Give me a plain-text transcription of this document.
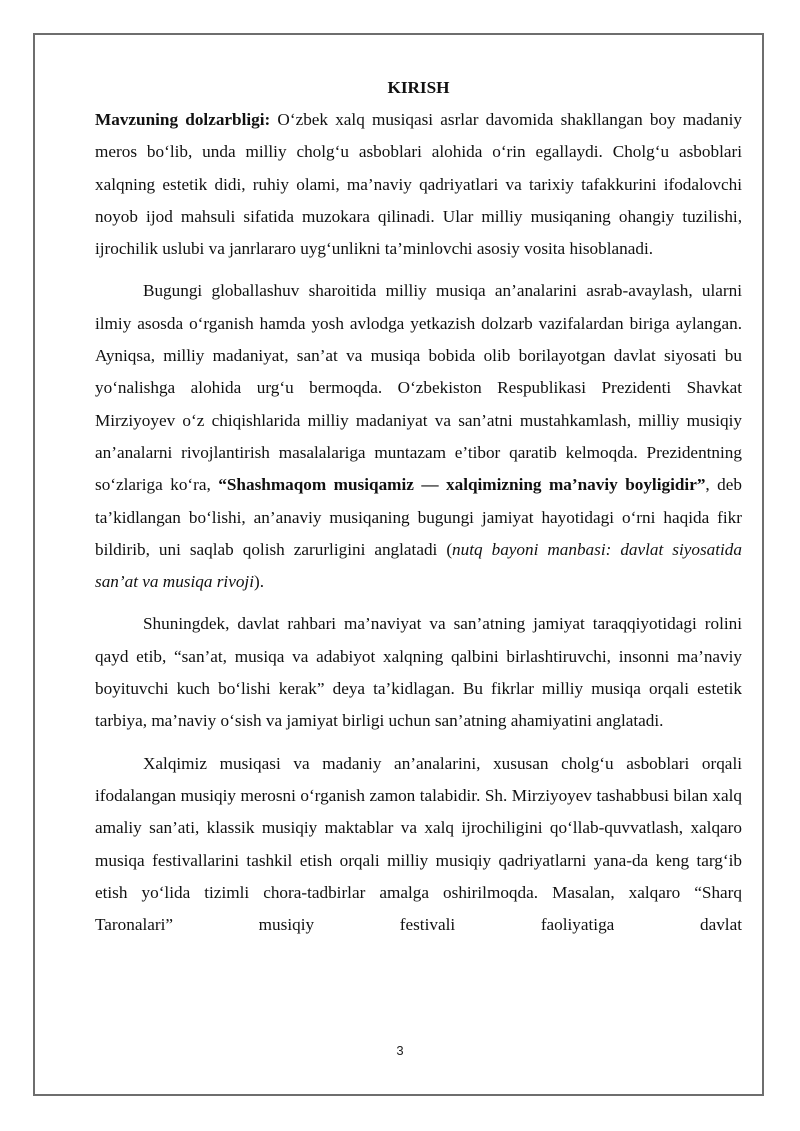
KIRISH

Mavzuning dolzarbligi: O‘zbek xalq musiqasi asrlar davomida shakllangan boy madaniy meros bo‘lib, unda milliy cholg‘u asboblari alohida o‘rin egallaydi. Cholg‘u asboblari xalqning estetik didi, ruhiy olami, ma’naviy qadriyatlari va tarixiy tafakkurini ifodalovchi noyob ijod mahsuli sifatida muzokara qilinadi. Ular milliy musiqaning ohangiy tuzilishi, ijrochilik uslubi va janrlararo uyg‘unlikni ta’minlovchi asosiy vosita hisoblanadi.

Bugungi globallashuv sharoitida milliy musiqa an’analarini asrab-avaylash, ularni ilmiy asosda o‘rganish hamda yosh avlodga yetkazish dolzarb vazifalardan biriga aylangan. Ayniqsa, milliy madaniyat, san’at va musiqa bobida olib borilayotgan davlat siyosati bu yo‘nalishga alohida urg‘u bermoqda. O‘zbekiston Respublikasi Prezidenti Shavkat Mirziyoyev o‘z chiqishlarida milliy madaniyat va san’atni mustahkamlash, milliy musiqiy an’analarni rivojlantirish masalalariga muntazam e’tibor qaratib kelmoqda. Prezidentning so‘zlariga ko‘ra, “Shashmaqom musiqamiz — xalqimizning ma’naviy boyligidir”, deb ta’kidlangan bo‘lishi, an’anaviy musiqaning bugungi jamiyat hayotidagi o‘rni haqida fikr bildirib, uni saqlab qolish zarurligini anglatadi (nutq bayoni manbasi: davlat siyosatida san’at va musiqa rivoji).

Shuningdek, davlat rahbari ma’naviyat va san’atning jamiyat taraqqiyotidagi rolini qayd etib, “san’at, musiqa va adabiyot xalqning qalbini birlashtiruvchi, insonni ma’naviy boyituvchi kuch bo‘lishi kerak” deya ta’kidlagan. Bu fikrlar milliy musiqa orqali estetik tarbiya, ma’naviy o‘sish va jamiyat birligi uchun san’atning ahamiyatini anglatadi.

Xalqimiz musiqasi va madaniy an’analarini, xususan cholg‘u asboblari orqali ifodalangan musiqiy merosni o‘rganish zamon talabidir. Sh. Mirziyoyev tashabbusi bilan xalq amaliy san’ati, klassik musiqiy maktablar va xalq ijrochiligini qo‘llab-quvvatlash, xalqaro musiqa festivallarini tashkil etish orqali milliy musiqiy qadriyatlarni yana-da keng targ‘ib etish yo‘lida tizimli chora-tadbirlar amalga oshirilmoqda. Masalan, xalqaro “Sharq Taronalari” musiqiy festivali faoliyatiga davlat

3
